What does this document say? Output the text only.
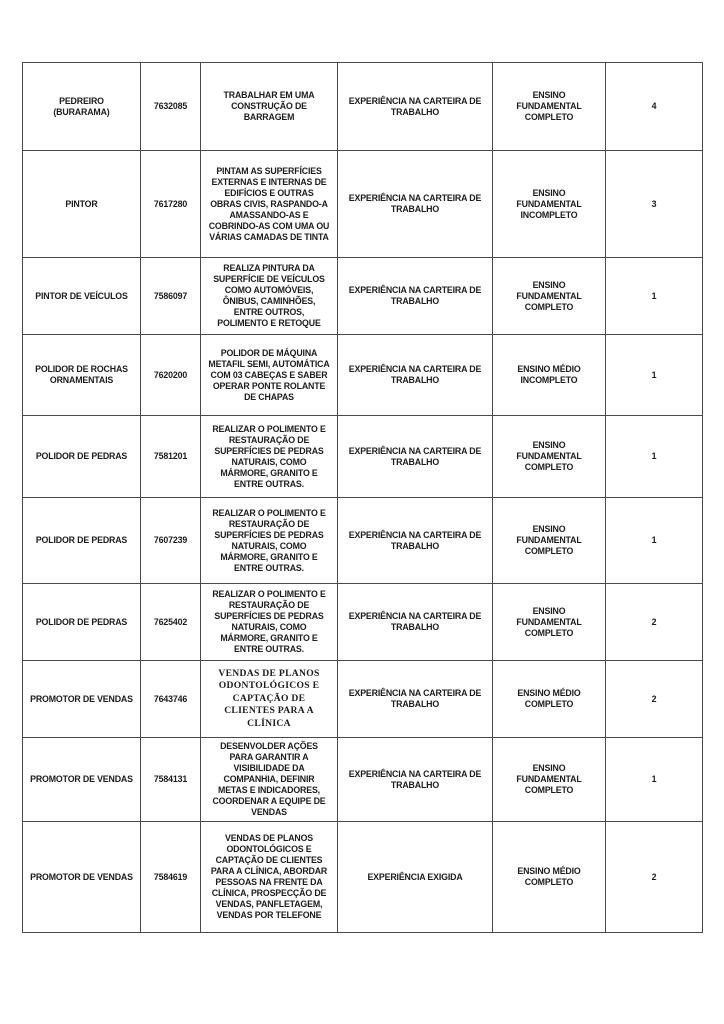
PEDREIRO (BURARAMA)	7632085	TRABALHAR EM UMA CONSTRUÇÃO DE BARRAGEM	EXPERIÊNCIA NA CARTEIRA DE TRABALHO	ENSINO FUNDAMENTAL COMPLETO	4
PINTOR	7617280	PINTAM AS SUPERFÍCIES EXTERNAS E INTERNAS DE EDIFÍCIOS E OUTRAS OBRAS CIVIS, RASPANDO-A AMASSANDO-AS E COBRINDO-AS COM UMA OU VÁRIAS CAMADAS DE TINTA	EXPERIÊNCIA NA CARTEIRA DE TRABALHO	ENSINO FUNDAMENTAL INCOMPLETO	3
PINTOR DE VEÍCULOS	7586097	REALIZA PINTURA DA SUPERFÍCIE DE VEÍCULOS COMO AUTOMÓVEIS, ÔNIBUS, CAMINHÕES, ENTRE OUTROS, POLIMENTO E RETOQUE	EXPERIÊNCIA NA CARTEIRA DE TRABALHO	ENSINO FUNDAMENTAL COMPLETO	1
POLIDOR DE ROCHAS ORNAMENTAIS	7620200	POLIDOR DE MÁQUINA METAFIL SEMI, AUTOMÁTICA COM 03 CABEÇAS E SABER OPERAR PONTE ROLANTE DE CHAPAS	EXPERIÊNCIA NA CARTEIRA DE TRABALHO	ENSINO MÉDIO INCOMPLETO	1
POLIDOR DE PEDRAS	7581201	REALIZAR O POLIMENTO E RESTAURAÇÃO DE SUPERFÍCIES DE PEDRAS NATURAIS, COMO MÁRMORE, GRANITO E ENTRE OUTRAS.	EXPERIÊNCIA NA CARTEIRA DE TRABALHO	ENSINO FUNDAMENTAL COMPLETO	1
POLIDOR DE PEDRAS	7607239	REALIZAR O POLIMENTO E RESTAURAÇÃO DE SUPERFÍCIES DE PEDRAS NATURAIS, COMO MÁRMORE, GRANITO E ENTRE OUTRAS.	EXPERIÊNCIA NA CARTEIRA DE TRABALHO	ENSINO FUNDAMENTAL COMPLETO	1
POLIDOR DE PEDRAS	7625402	REALIZAR O POLIMENTO E RESTAURAÇÃO DE SUPERFÍCIES DE PEDRAS NATURAIS, COMO MÁRMORE, GRANITO E ENTRE OUTRAS.	EXPERIÊNCIA NA CARTEIRA DE TRABALHO	ENSINO FUNDAMENTAL COMPLETO	2
PROMOTOR DE VENDAS	7643746	VENDAS DE PLANOS ODONTOLÓGICOS E CAPTAÇÃO DE CLIENTES PARA A CLÍNICA	EXPERIÊNCIA NA CARTEIRA DE TRABALHO	ENSINO MÉDIO COMPLETO	2
PROMOTOR DE VENDAS	7584131	DESENVOLDER AÇÕES PARA GARANTIR A VISIBILIDADE DA COMPANHIA, DEFINIR METAS E INDICADORES, COORDENAR A EQUIPE DE VENDAS	EXPERIÊNCIA NA CARTEIRA DE TRABALHO	ENSINO FUNDAMENTAL COMPLETO	1
PROMOTOR DE VENDAS	7584619	VENDAS DE PLANOS ODONTOLÓGICOS E CAPTAÇÃO DE CLIENTES PARA A CLÍNICA, ABORDAR PESSOAS NA FRENTE DA CLÍNICA, PROSPECÇÃO DE VENDAS, PANFLETAGEM, VENDAS POR TELEFONE	EXPERIÊNCIA EXIGIDA	ENSINO MÉDIO COMPLETO	2
